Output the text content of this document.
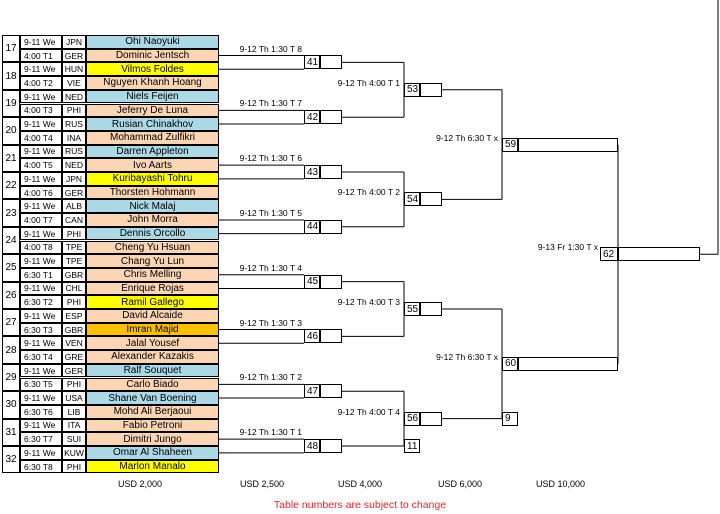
17
9-11 We	JPN	Ohi Naoyuki
4:00 T1	GER	Dominic Jentsch
18
9-11 We	HUN	Vilmos Foldes
4:00 T2	VIE	Nguyen Khanh Hoang
19
9-11 We	NED	Niels Feijen
4:00 T3	PHI	Jeferry De Luna
20
9-11 We	RUS	Rusian Chinakhov
4:00 T4	INA	Mohammad Zulfikri
21
9-11 We	RUS	Darren Appleton
4:00 T5	NED	Ivo Aarts
22
9-11 We	JPN	Kuribayashi Tohru
4:00 T6	GER	Thorsten Hohmann
23
9-11 We	ALB	Nick Malaj
4:00 T7	CAN	John Morra
24
9-11 We	PHI	Dennis Orcollo
4:00 T8	TPE	Cheng Yu Hsuan
25
9-11 We	TPE	Chang Yu Lun
6:30 T1	GBR	Chris Melling
26
9-11 We	CHL	Enrique Rojas
6:30 T2	PHI	Ramil Gallego
27
9-11 We	ESP	David Alcaide
6:30 T3	GBR	Imran Majid
28
9-11 We	VEN	Jalal Yousef
6:30 T4	GRE	Alexander Kazakis
29
9-11 We	GER	Ralf Souquet
6:30 T5	PHI	Carlo Biado
30
9-11 We	USA	Shane Van Boening
6:30 T6	LIB	Mohd Ali Berjaoui
31
9-11 We	ITA	Fabio Petroni
6:30 T7	SUI	Dimitri Jungo
32
9-11 We	KUW	Omar Al Shaheen
6:30 T8	PHI	Marlon Manalo
9-12 Th 1:30 T 8
41
9-12 Th 1:30 T 7
42
9-12 Th 1:30 T 6
43
9-12 Th 1:30 T 5
44
9-12 Th 1:30 T 4
45
9-12 Th 1:30 T 3
46
9-12 Th 1:30 T 2
47
9-12 Th 1:30 T 1
48	11
9-12 Th 4:00 T 1
53
9-12 Th 4:00 T 2
54
9-12 Th 4:00 T 3
55
9-12 Th 4:00 T 4
56	9
9-12 Th 6:30 T x
59
9-12 Th 6:30 T x
60
9-13 Fr 1:30 T x
62
USD 2,000	USD 2,500	USD 4,000	USD 6,000	USD 10,000
Table numbers are subject to change
